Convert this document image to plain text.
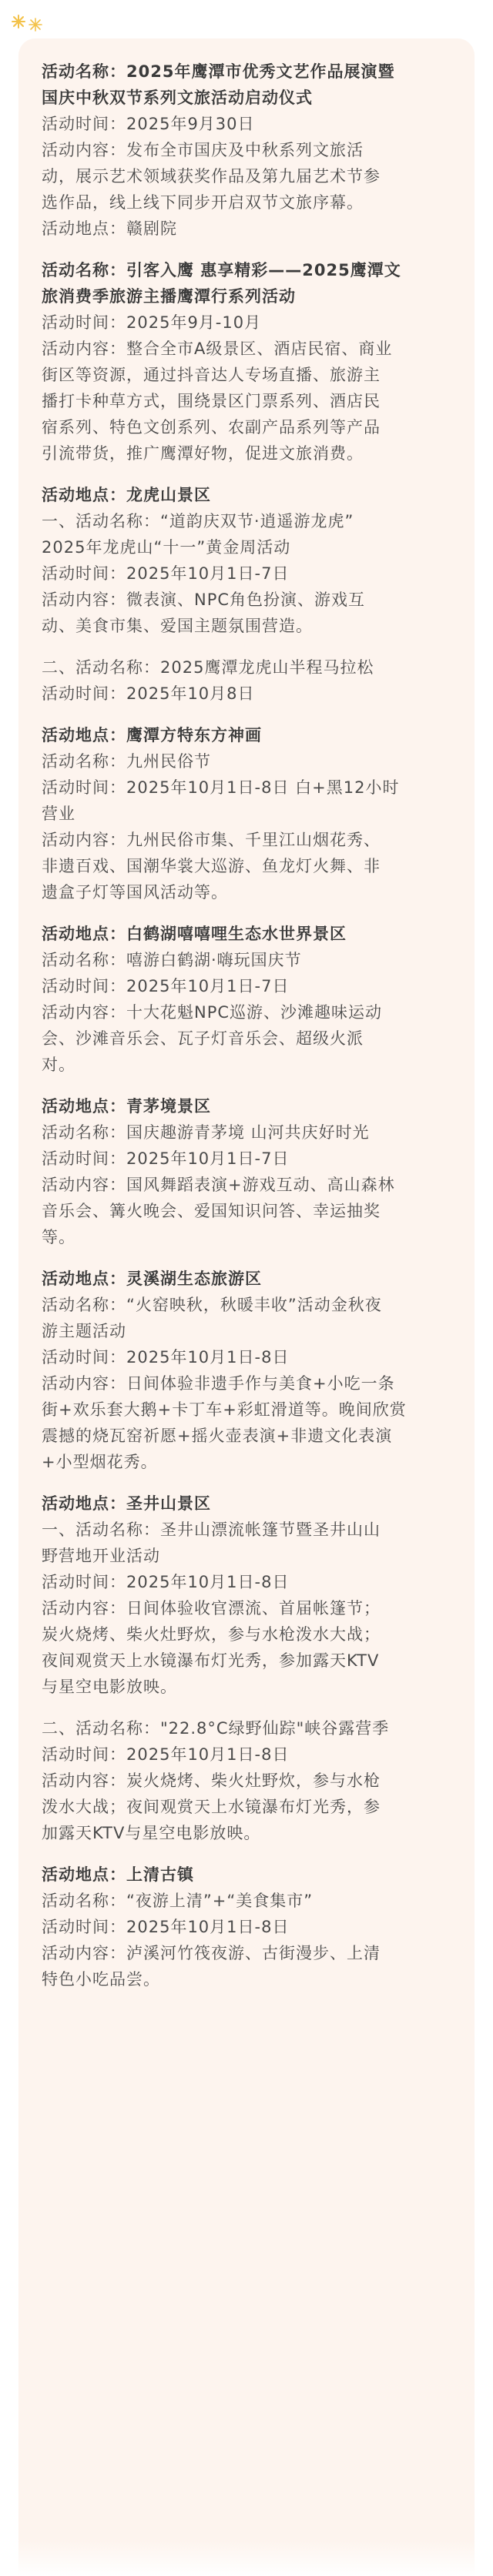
活动名称：2025年鹰潭市优秀文艺作品展演暨

国庆中秋双节系列文旅活动启动仪式

活动时间：2025年9月30日

活动内容：发布全市国庆及中秋系列文旅活

动，展示艺术领域获奖作品及第九届艺术节参

选作品，线上线下同步开启双节文旅序幕。

活动地点：赣剧院

活动名称：引客入鹰 惠享精彩——2025鹰潭文

旅消费季旅游主播鹰潭行系列活动

活动时间：2025年9月-10月

活动内容：整合全市A级景区、酒店民宿、商业

街区等资源，通过抖音达人专场直播、旅游主

播打卡种草方式，围绕景区门票系列、酒店民

宿系列、特色文创系列、农副产品系列等产品

引流带货，推广鹰潭好物，促进文旅消费。

活动地点：龙虎山景区

一、活动名称：“道韵庆双节·逍遥游龙虎”

2025年龙虎山“十一”黄金周活动

活动时间：2025年10月1日-7日

活动内容：微表演、NPC角色扮演、游戏互

动、美食市集、爱国主题氛围营造。

二、活动名称：2025鹰潭龙虎山半程马拉松

活动时间：2025年10月8日

活动地点：鹰潭方特东方神画

活动名称：九州民俗节

活动时间：2025年10月1日-8日 白+黑12小时

营业

活动内容：九州民俗市集、千里江山烟花秀、

非遗百戏、国潮华裳大巡游、鱼龙灯火舞、非

遗盒子灯等国风活动等。

活动地点：白鹤湖嘻嘻哩生态水世界景区

活动名称：嘻游白鹤湖·嗨玩国庆节

活动时间：2025年10月1日-7日

活动内容：十大花魁NPC巡游、沙滩趣味运动

会、沙滩音乐会、瓦子灯音乐会、超级火派

对。

活动地点：青茅境景区

活动名称：国庆趣游青茅境 山河共庆好时光

活动时间：2025年10月1日-7日

活动内容：国风舞蹈表演+游戏互动、高山森林

音乐会、篝火晚会、爱国知识问答、幸运抽奖

等。

活动地点：灵溪湖生态旅游区

活动名称：“火窑映秋，秋暖丰收”活动金秋夜

游主题活动

活动时间：2025年10月1日-8日

活动内容：日间体验非遗手作与美食+小吃一条

街+欢乐套大鹅+卡丁车+彩虹滑道等。晚间欣赏

震撼的烧瓦窑祈愿+摇火壶表演+非遗文化表演

+小型烟花秀。

活动地点：圣井山景区

一、活动名称：圣井山漂流帐篷节暨圣井山山

野营地开业活动

活动时间：2025年10月1日-8日

活动内容：日间体验收官漂流、首届帐篷节；

炭火烧烤、柴火灶野炊，参与水枪泼水大战；

夜间观赏天上水镜瀑布灯光秀，参加露天KTV

与星空电影放映。

二、活动名称："22.8°C绿野仙踪"峡谷露营季

活动时间：2025年10月1日-8日

活动内容：炭火烧烤、柴火灶野炊，参与水枪

泼水大战；夜间观赏天上水镜瀑布灯光秀，参

加露天KTV与星空电影放映。

活动地点：上清古镇

活动名称：“夜游上清”+“美食集市”

活动时间：2025年10月1日-8日

活动内容：泸溪河竹筏夜游、古街漫步、上清

特色小吃品尝。
